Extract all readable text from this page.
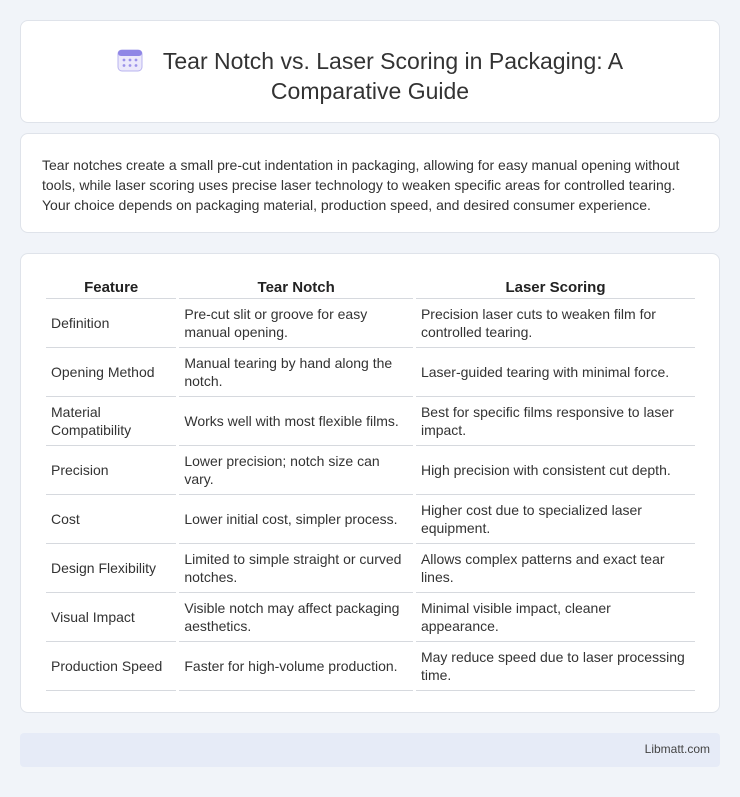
Tear Notch vs. Laser Scoring in Packaging: A
Comparative Guide

Tear notches create a small pre-cut indentation in packaging, allowing for easy manual opening without tools, while laser scoring uses precise laser technology to weaken specific areas for controlled tearing. Your choice depends on packaging material, production speed, and desired consumer experience.

Feature	Tear Notch	Laser Scoring
Definition	Pre-cut slit or groove for easy manual opening.	Precision laser cuts to weaken film for controlled tearing.
Opening Method	Manual tearing by hand along the notch.	Laser-guided tearing with minimal force.
Material Compatibility	Works well with most flexible films.	Best for specific films responsive to laser impact.
Precision	Lower precision; notch size can vary.	High precision with consistent cut depth.
Cost	Lower initial cost, simpler process.	Higher cost due to specialized laser equipment.
Design Flexibility	Limited to simple straight or curved notches.	Allows complex patterns and exact tear lines.
Visual Impact	Visible notch may affect packaging aesthetics.	Minimal visible impact, cleaner appearance.
Production Speed	Faster for high-volume production.	May reduce speed due to laser processing time.
Libmatt.com
